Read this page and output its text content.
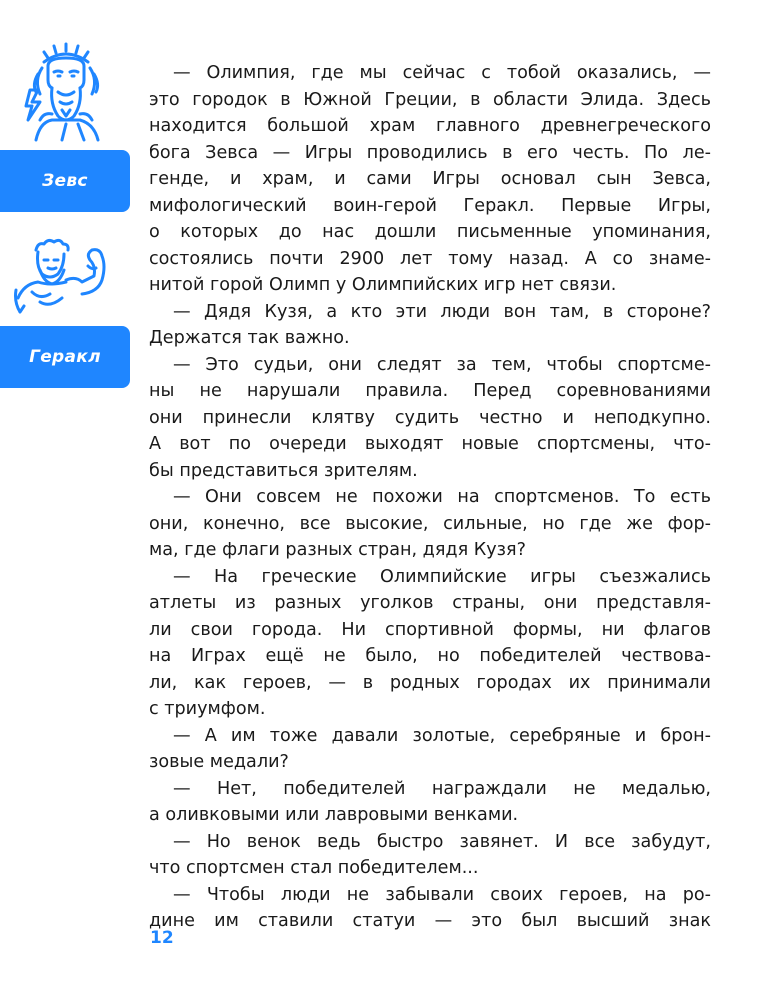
Зевс
Геракл
— Олимпия, где мы сейчас с тобой оказались, —
это городок в Южной Греции, в области Элида. Здесь
находится большой храм главного древнегреческого
бога Зевса — Игры проводились в его честь. По ле-
генде, и храм, и сами Игры основал сын Зевса,
мифологический воин-герой Геракл. Первые Игры,
о которых до нас дошли письменные упоминания,
состоялись почти 2900 лет тому назад. А со знаме-
нитой горой Олимп у Олимпийских игр нет связи.
— Дядя Кузя, а кто эти люди вон там, в стороне?
Держатся так важно.
— Это судьи, они следят за тем, чтобы спортсме-
ны не нарушали правила. Перед соревнованиями
они принесли клятву судить честно и неподкупно.
А вот по очереди выходят новые спортсмены, что-
бы представиться зрителям.
— Они совсем не похожи на спортсменов. То есть
они, конечно, все высокие, сильные, но где же фор-
ма, где флаги разных стран, дядя Кузя?
— На греческие Олимпийские игры съезжались
атлеты из разных уголков страны, они представля-
ли свои города. Ни спортивной формы, ни флагов
на Играх ещё не было, но победителей чествова-
ли, как героев, — в родных городах их принимали
с триумфом.
— А им тоже давали золотые, серебряные и брон-
зовые медали?
— Нет, победителей награждали не медалью,
а оливковыми или лавровыми венками.
— Но венок ведь быстро завянет. И все забудут,
что спортсмен стал победителем...
— Чтобы люди не забывали своих героев, на ро-
дине им ставили статуи — это был высший знак
12
